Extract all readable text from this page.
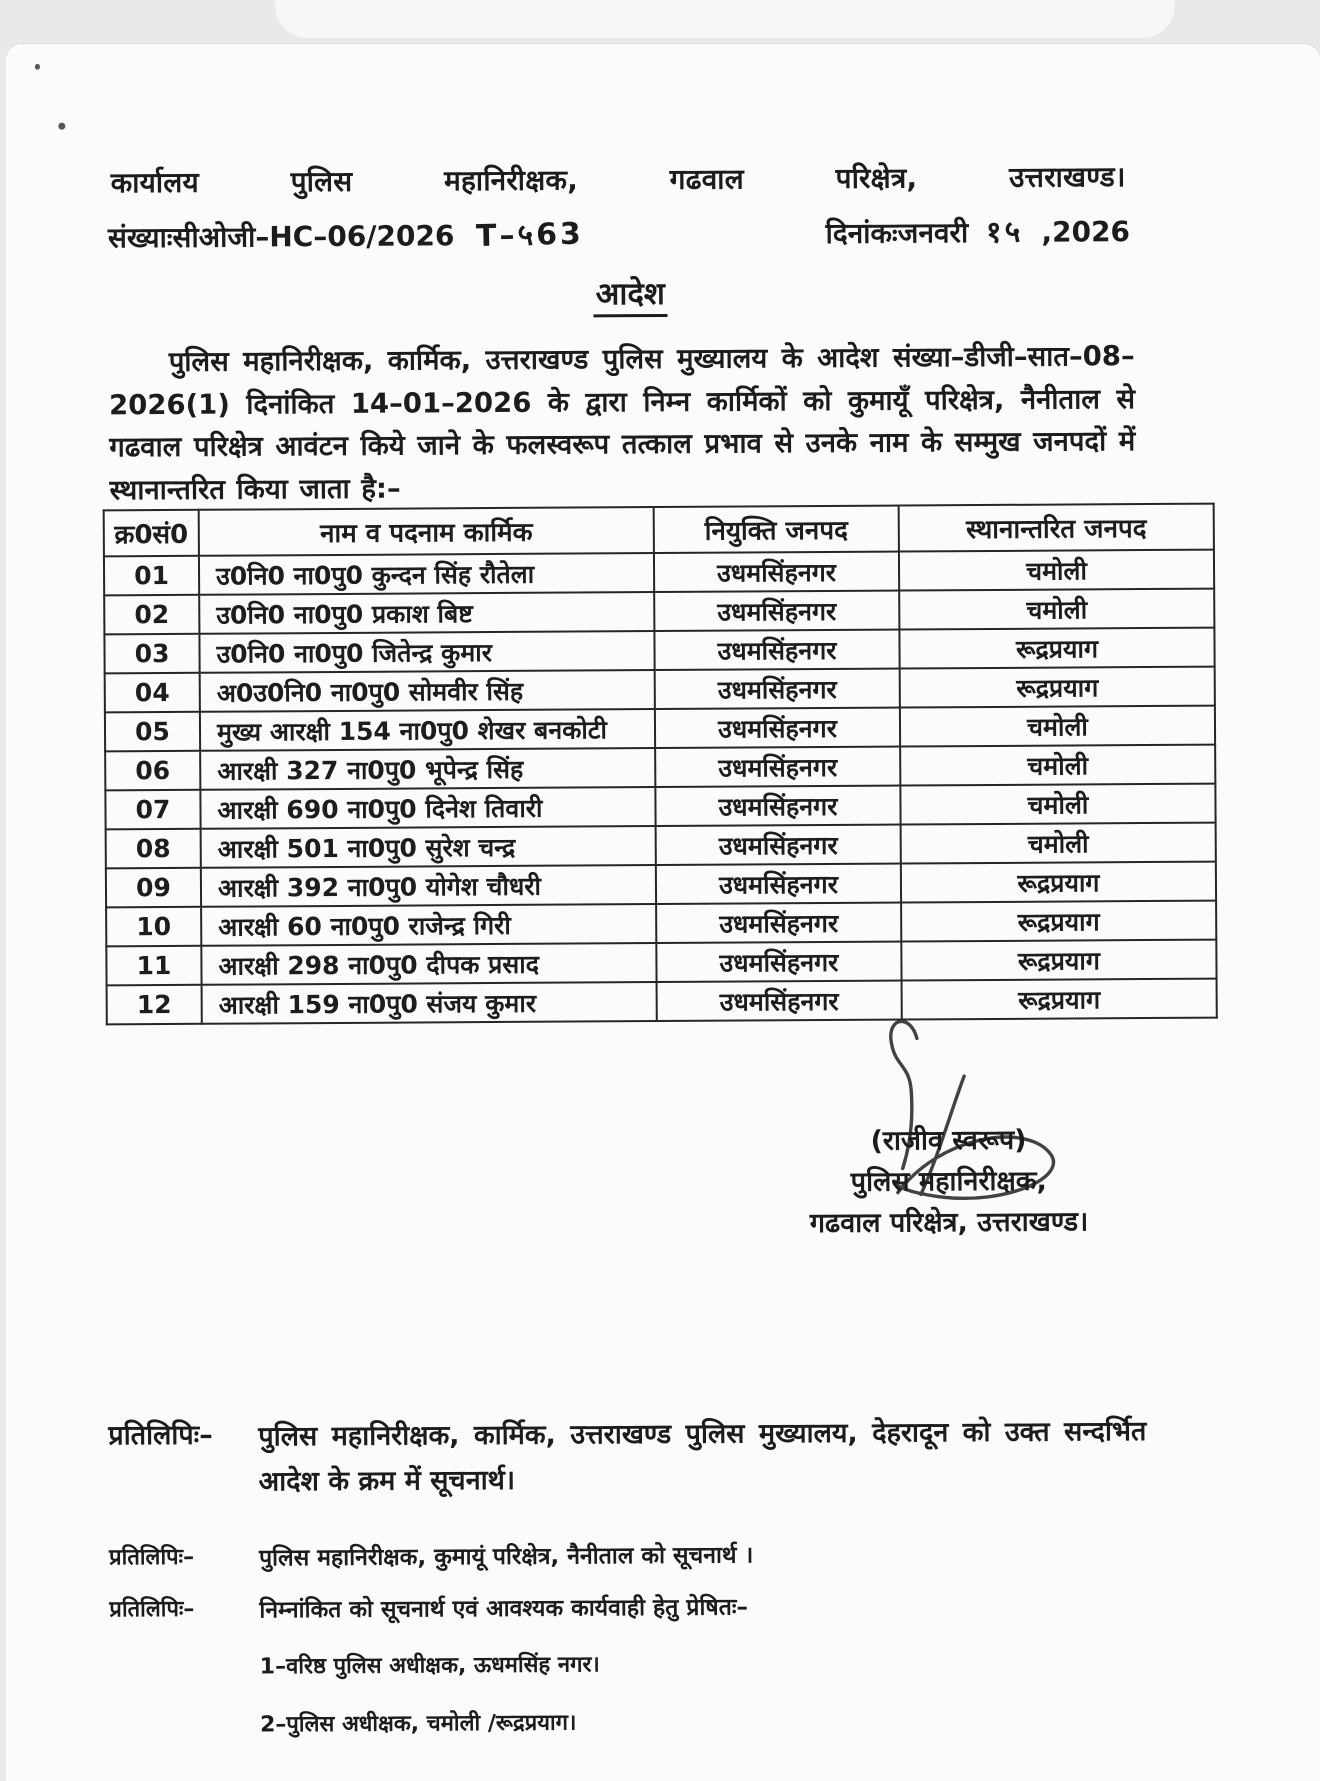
कार्यालय पुलिस महानिरीक्षक, गढवाल परिक्षेत्र, उत्तराखण्ड।
संख्याःसीओजी–HC–06/2026 T–५63	दिनांकःजनवरी १५ ,2026
आदेश
पुलिस महानिरीक्षक, कार्मिक, उत्तराखण्ड पुलिस मुख्यालय के आदेश संख्या–डीजी–सात–08–2026(1) दिनांकित 14–01–2026 के द्वारा निम्न कार्मिकों को कुमायूँ परिक्षेत्र, नैनीताल से गढवाल परिक्षेत्र आवंटन किये जाने के फलस्वरूप तत्काल प्रभाव से उनके नाम के सम्मुख जनपदों में स्थानान्तरित किया जाता है:–
क्र0सं0	नाम व पदनाम कार्मिक	नियुक्ति जनपद	स्थानान्तरित जनपद
01	उ0नि0 ना0पु0 कुन्दन सिंह रौतेला	उधमसिंहनगर	चमोली
02	उ0नि0 ना0पु0 प्रकाश बिष्ट	उधमसिंहनगर	चमोली
03	उ0नि0 ना0पु0 जितेन्द्र कुमार	उधमसिंहनगर	रूद्रप्रयाग
04	अ0उ0नि0 ना0पु0 सोमवीर सिंह	उधमसिंहनगर	रूद्रप्रयाग
05	मुख्य आरक्षी 154 ना0पु0 शेखर बनकोटी	उधमसिंहनगर	चमोली
06	आरक्षी 327 ना0पु0 भूपेन्द्र सिंह	उधमसिंहनगर	चमोली
07	आरक्षी 690 ना0पु0 दिनेश तिवारी	उधमसिंहनगर	चमोली
08	आरक्षी 501 ना0पु0 सुरेश चन्द्र	उधमसिंहनगर	चमोली
09	आरक्षी 392 ना0पु0 योगेश चौधरी	उधमसिंहनगर	रूद्रप्रयाग
10	आरक्षी 60 ना0पु0 राजेन्द्र गिरी	उधमसिंहनगर	रूद्रप्रयाग
11	आरक्षी 298 ना0पु0 दीपक प्रसाद	उधमसिंहनगर	रूद्रप्रयाग
12	आरक्षी 159 ना0पु0 संजय कुमार	उधमसिंहनगर	रूद्रप्रयाग
(राजीव स्वरूप)
पुलिस महानिरीक्षक,
गढवाल परिक्षेत्र, उत्तराखण्ड।
प्रतिलिपिः–	पुलिस महानिरीक्षक, कार्मिक, उत्तराखण्ड पुलिस मुख्यालय, देहरादून को उक्त सन्दर्भित आदेश के क्रम में सूचनार्थ।
प्रतिलिपिः–	पुलिस महानिरीक्षक, कुमायूं परिक्षेत्र, नैनीताल को सूचनार्थ ।
प्रतिलिपिः–	निम्नांकित को सूचनार्थ एवं आवश्यक कार्यवाही हेतु प्रेषितः–
1–वरिष्ठ पुलिस अधीक्षक, ऊधमसिंह नगर।
2–पुलिस अधीक्षक, चमोली /रूद्रप्रयाग।
